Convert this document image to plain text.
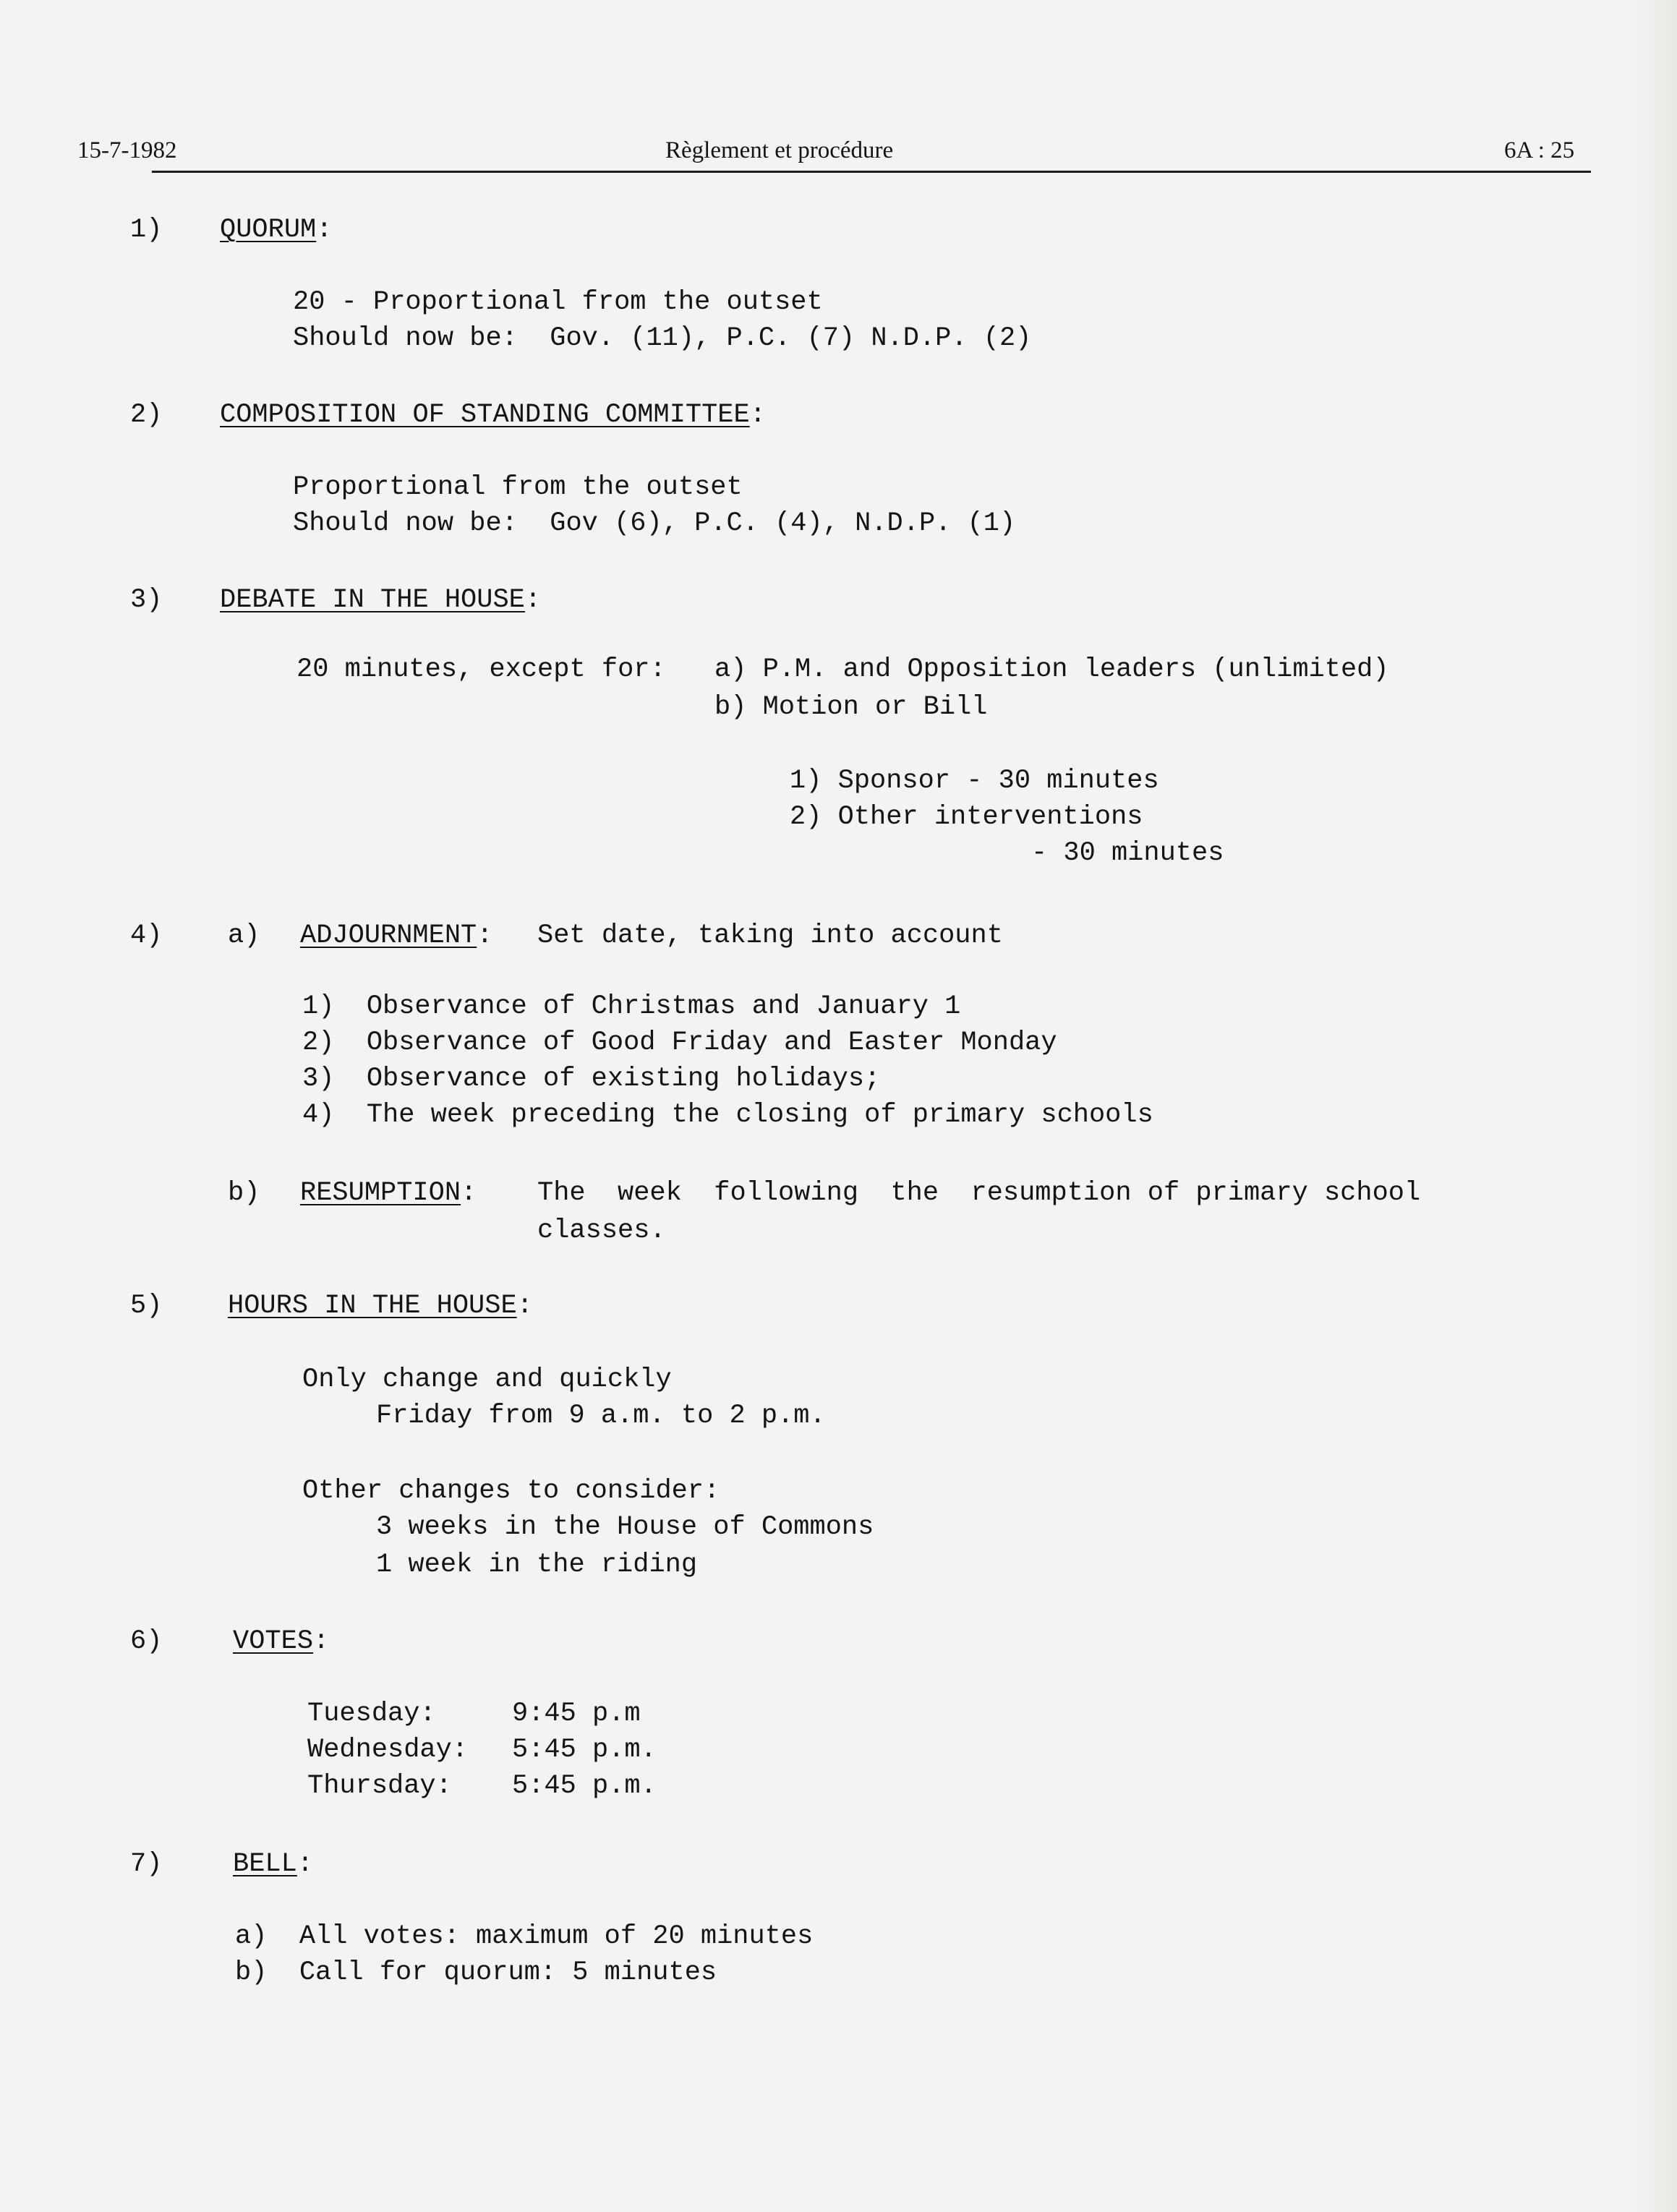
15-7-1982	Règlement et procédure	6A : 25
1) QUORUM:
20 - Proportional from the outset
Should now be:  Gov. (11), P.C. (7) N.D.P. (2)
2) COMPOSITION OF STANDING COMMITTEE:
Proportional from the outset
Should now be:  Gov (6), P.C. (4), N.D.P. (1)
3) DEBATE IN THE HOUSE:
20 minutes, except for: a) P.M. and Opposition leaders (unlimited)
b) Motion or Bill
1) Sponsor - 30 minutes
2) Other interventions
- 30 minutes
4) a) ADJOURNMENT: Set date, taking into account
1)  Observance of Christmas and January 1
2)  Observance of Good Friday and Easter Monday
3)  Observance of existing holidays;
4)  The week preceding the closing of primary schools
b) RESUMPTION: The  week  following  the  resumption of primary school
classes.
5) HOURS IN THE HOUSE:
Only change and quickly
Friday from 9 a.m. to 2 p.m.
Other changes to consider:
3 weeks in the House of Commons
1 week in the riding
6)	VOTES:
Tuesday:	9:45 p.m
Wednesday: 5:45 p.m.
Thursday: 5:45 p.m.
7)	BELL:
a)  All votes: maximum of 20 minutes
b)  Call for quorum: 5 minutes
